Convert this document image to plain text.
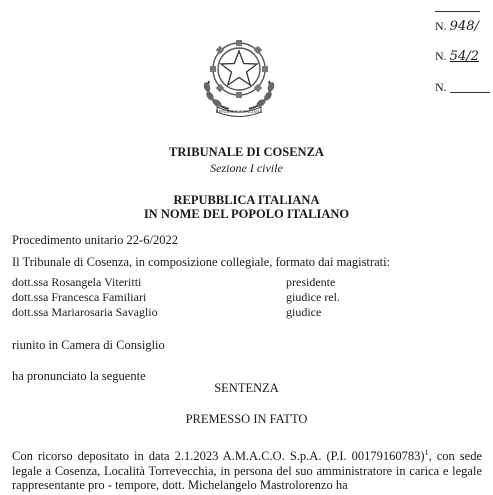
N. 948/
N. 54/2
N.
REPUBBLICA ITALIANA
TRIBUNALE DI COSENZA
Sezione I civile
REPUBBLICA ITALIANA
IN NOME DEL POPOLO ITALIANO
Procedimento unitario 22-6/2022
Il Tribunale di Cosenza, in composizione collegiale, formato dai magistrati:
dott.ssa Rosangela Viteritti	presidente
dott.ssa Francesca Familiari	giudice rel.
dott.ssa Mariarosaria Savaglio	giudice
riunito in Camera di Consiglio
ha pronunciato la seguente
SENTENZA
PREMESSO IN FATTO
Con ricorso depositato in data 2.1.2023 A.M.A.C.O. S.p.A. (P.I. 00179160783)$^1$, con sede legale a Cosenza, Località Torrevecchia, in persona del suo amministratore in carica e legale rappresentante pro - tempore, dott. Michelangelo Mastrolorenzo ha
